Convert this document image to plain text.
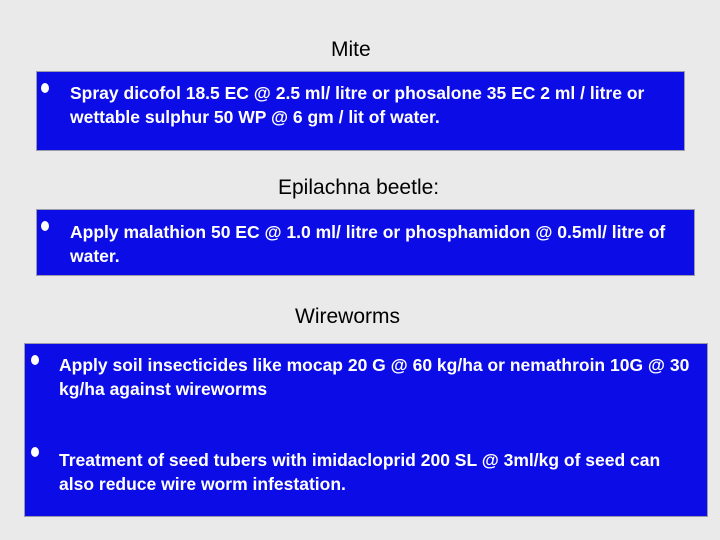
Mite
Spray dicofol 18.5 EC @ 2.5 ml/ litre or phosalone 35 EC 2 ml / litre or wettable sulphur 50 WP @ 6 gm / lit of water.
Epilachna beetle:
Apply malathion 50 EC @ 1.0 ml/ litre or phosphamidon @ 0.5ml/ litre of water.
Wireworms
Apply soil insecticides like mocap 20 G @ 60 kg/ha or nemathroin 10G @ 30 kg/ha against wireworms
Treatment of seed tubers with imidacloprid 200 SL @ 3ml/kg of seed can also reduce wire worm infestation.
